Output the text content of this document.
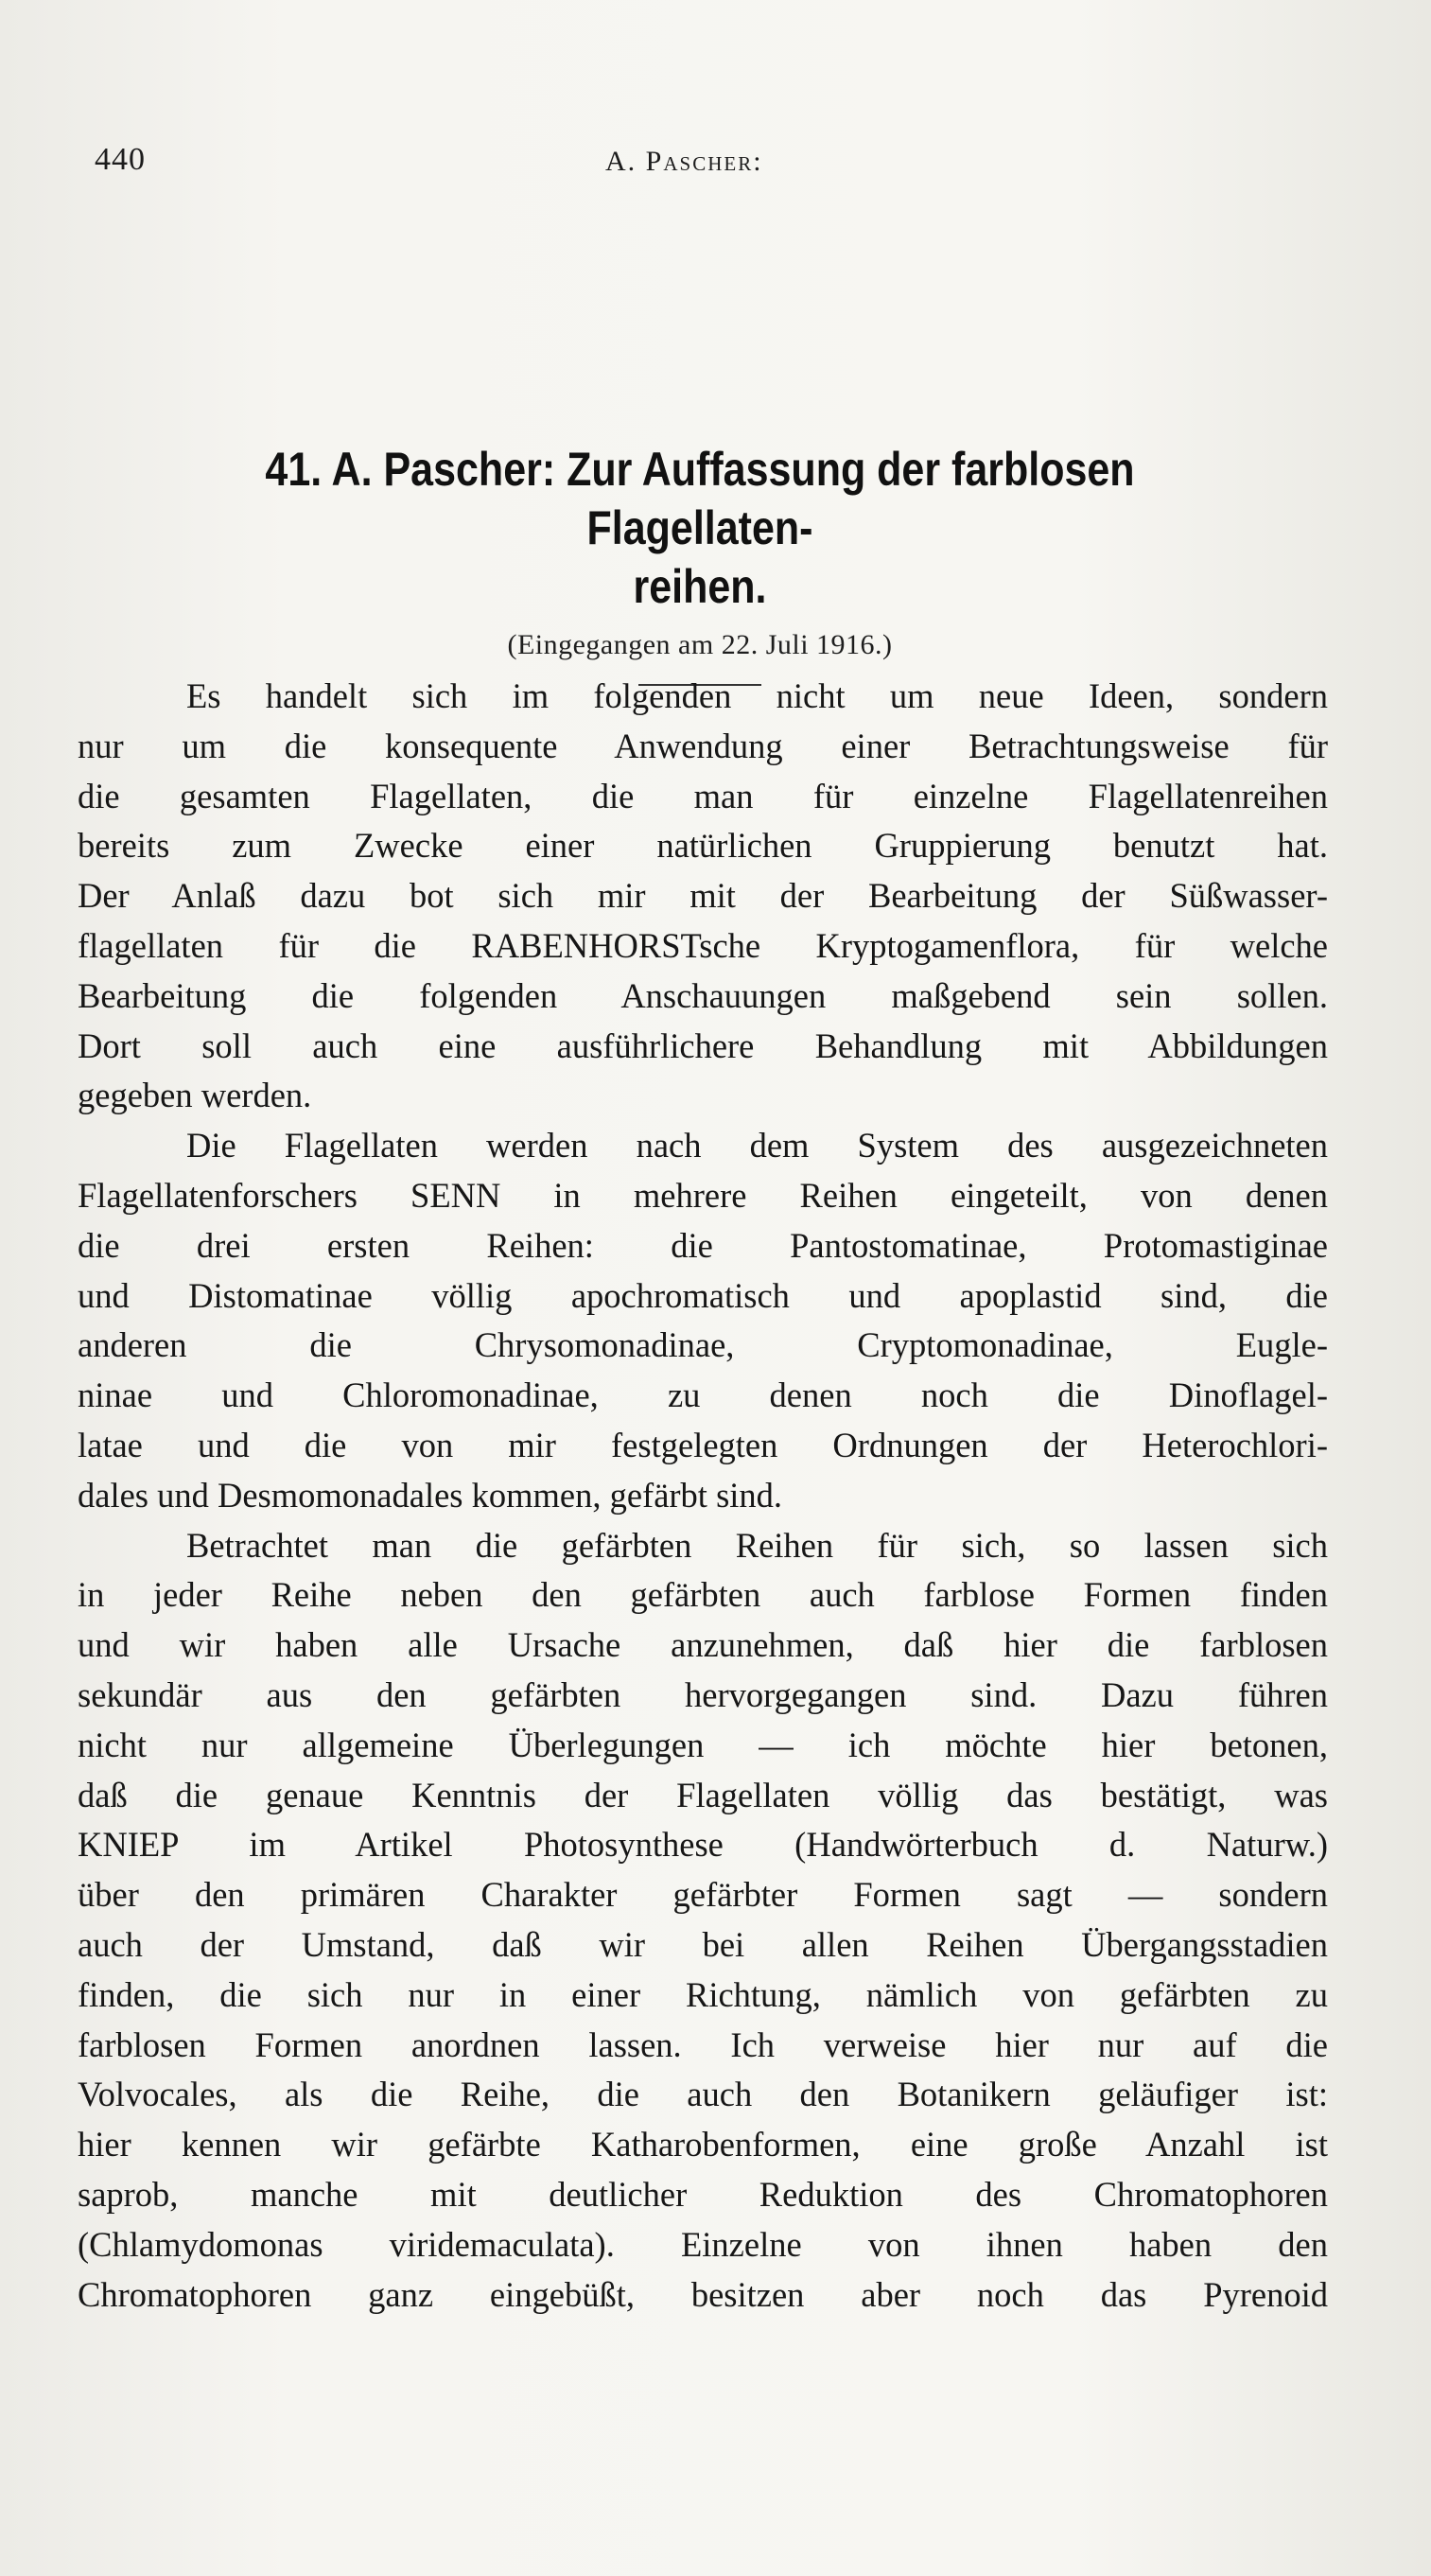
440	A. Pascher:
41. A. Pascher: Zur Auffassung der farblosen Flagellaten-
reihen.
(Eingegangen am 22. Juli 1916.)

Es handelt sich im folgenden nicht um neue Ideen, sondern
nur um die konsequente Anwendung einer Betrachtungsweise für
die gesamten Flagellaten, die man für einzelne Flagellatenreihen
bereits zum Zwecke einer natürlichen Gruppierung benutzt hat.
Der Anlaß dazu bot sich mir mit der Bearbeitung der Süßwasser-
flagellaten für die RABENHORSTsche Kryptogamenflora, für welche
Bearbeitung die folgenden Anschauungen maßgebend sein sollen.
Dort soll auch eine ausführlichere Behandlung mit Abbildungen
gegeben werden.

Die Flagellaten werden nach dem System des ausgezeichneten
Flagellatenforschers SENN in mehrere Reihen eingeteilt, von denen
die drei ersten Reihen: die Pantostomatinae, Protomastiginae
und Distomatinae völlig apochromatisch und apoplastid sind, die
anderen die Chrysomonadinae, Cryptomonadinae, Eugle-
ninae und Chloromonadinae, zu denen noch die Dinoflagel-
latae und die von mir festgelegten Ordnungen der Heterochlori-
dales und Desmomonadales kommen, gefärbt sind.

Betrachtet man die gefärbten Reihen für sich, so lassen sich
in jeder Reihe neben den gefärbten auch farblose Formen finden
und wir haben alle Ursache anzunehmen, daß hier die farblosen
sekundär aus den gefärbten hervorgegangen sind. Dazu führen
nicht nur allgemeine Überlegungen — ich möchte hier betonen,
daß die genaue Kenntnis der Flagellaten völlig das bestätigt, was
KNIEP im Artikel Photosynthese (Handwörterbuch d. Naturw.)
über den primären Charakter gefärbter Formen sagt — sondern
auch der Umstand, daß wir bei allen Reihen Übergangsstadien
finden, die sich nur in einer Richtung, nämlich von gefärbten zu
farblosen Formen anordnen lassen. Ich verweise hier nur auf die
Volvocales, als die Reihe, die auch den Botanikern geläufiger ist:
hier kennen wir gefärbte Katharobenformen, eine große Anzahl ist
saprob, manche mit deutlicher Reduktion des Chromatophoren
(Chlamydomonas viridemaculata). Einzelne von ihnen haben den
Chromatophoren ganz eingebüßt, besitzen aber noch das Pyrenoid
